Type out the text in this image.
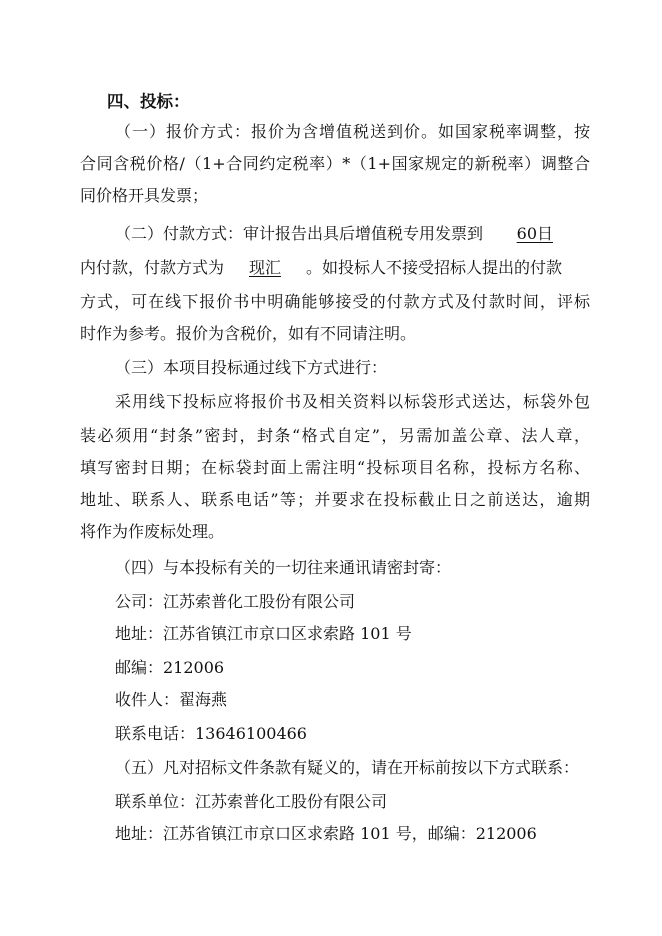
四、投标：
（一）报价方式：报价为含增值税送到价。如国家税率调整，按
合同含税价格/（1+合同约定税率）*（1+国家规定的新税率）调整合
同价格开具发票；
（二）付款方式：审计报告出具后增值税专用发票到 60日
内付款，付款方式为 现汇 。如投标人不接受招标人提出的付款
方式，可在线下报价书中明确能够接受的付款方式及付款时间，评标
时作为参考。报价为含税价，如有不同请注明。
（三）本项目投标通过线下方式进行：
采用线下投标应将报价书及相关资料以标袋形式送达，标袋外包
装必须用“封条”密封，封条“格式自定”，另需加盖公章、法人章，
填写密封日期；在标袋封面上需注明“投标项目名称，投标方名称、
地址、联系人、联系电话”等；并要求在投标截止日之前送达，逾期
将作为作废标处理。
（四）与本投标有关的一切往来通讯请密封寄：
公司：江苏索普化工股份有限公司
地址：江苏省镇江市京口区求索路 101 号
邮编：212006
收件人：翟海燕
联系电话：13646100466
（五）凡对招标文件条款有疑义的，请在开标前按以下方式联系：
联系单位：江苏索普化工股份有限公司
地址：江苏省镇江市京口区求索路 101 号，邮编：212006
